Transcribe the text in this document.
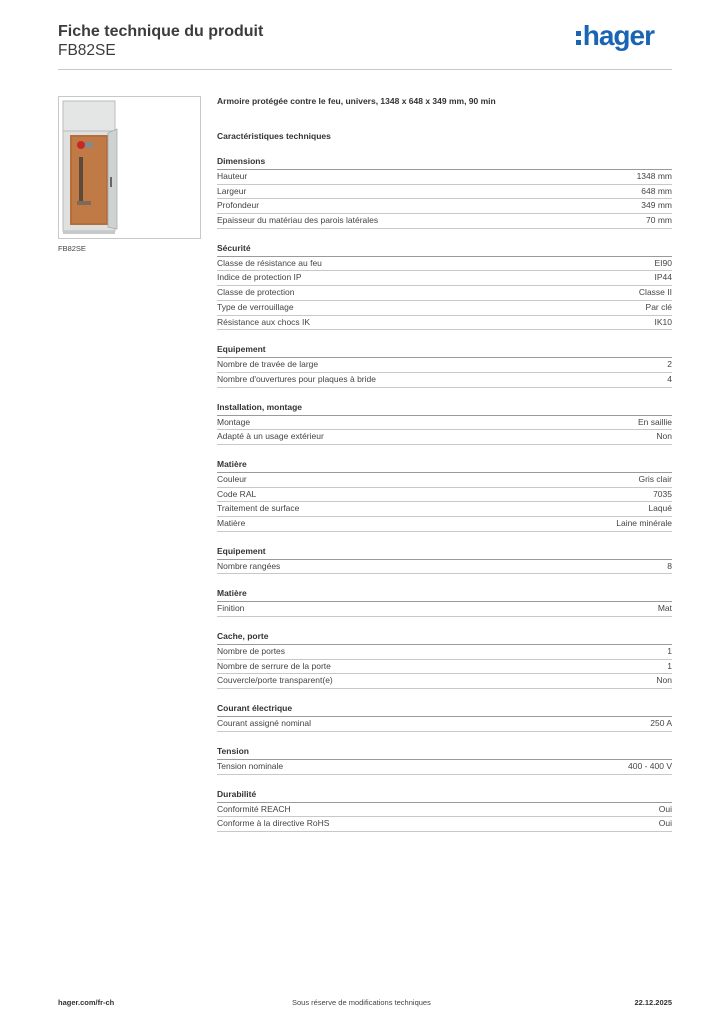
Fiche technique du produit
FB82SE	hager
FB82SE
Armoire protégée contre le feu, univers, 1348 x 648 x 349 mm, 90 min
Caractéristiques techniques
Dimensions
Hauteur	1348 mm
Largeur	648 mm
Profondeur	349 mm
Epaisseur du matériau des parois latérales	70 mm
Sécurité
Classe de résistance au feu	EI90
Indice de protection IP	IP44
Classe de protection	Classe II
Type de verrouillage	Par clé
Résistance aux chocs IK	IK10
Equipement
Nombre de travée de large	2
Nombre d'ouvertures pour plaques à bride	4
Installation, montage
Montage	En saillie
Adapté à un usage extérieur	Non
Matière
Couleur	Gris clair
Code RAL	7035
Traitement de surface	Laqué
Matière	Laine minérale
Equipement
Nombre rangées	8
Matière
Finition	Mat
Cache, porte
Nombre de portes	1
Nombre de serrure de la porte	1
Couvercle/porte transparent(e)	Non
Courant électrique
Courant assigné nominal	250 A
Tension
Tension nominale	400 - 400 V
Durabilité
Conformité REACH	Oui
Conforme à la directive RoHS	Oui
hager.com/fr-ch	Sous réserve de modifications techniques	22.12.2025
